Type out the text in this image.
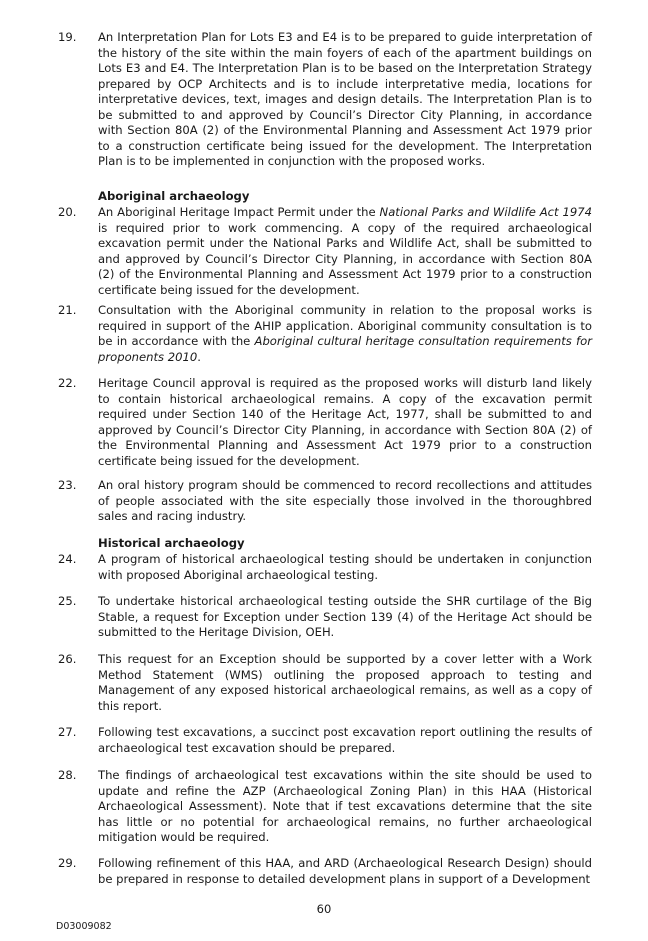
19. An Interpretation Plan for Lots E3 and E4 is to be prepared to guide interpretation of the history of the site within the main foyers of each of the apartment buildings on Lots E3 and E4. The Interpretation Plan is to be based on the Interpretation Strategy prepared by OCP Architects and is to include interpretative media, locations for interpretative devices, text, images and design details. The Interpretation Plan is to be submitted to and approved by Council’s Director City Planning, in accordance with Section 80A (2) of the Environmental Planning and Assessment Act 1979 prior to a construction certificate being issued for the development. The Interpretation Plan is to be implemented in conjunction with the proposed works.

Aboriginal archaeology
20. An Aboriginal Heritage Impact Permit under the National Parks and Wildlife Act 1974 is required prior to work commencing. A copy of the required archaeological excavation permit under the National Parks and Wildlife Act, shall be submitted to and approved by Council’s Director City Planning, in accordance with Section 80A (2) of the Environmental Planning and Assessment Act 1979 prior to a construction certificate being issued for the development.

21. Consultation with the Aboriginal community in relation to the proposal works is required in support of the AHIP application. Aboriginal community consultation is to be in accordance with the Aboriginal cultural heritage consultation requirements for proponents 2010.

22. Heritage Council approval is required as the proposed works will disturb land likely to contain historical archaeological remains. A copy of the excavation permit required under Section 140 of the Heritage Act, 1977, shall be submitted to and approved by Council’s Director City Planning, in accordance with Section 80A (2) of the Environmental Planning and Assessment Act 1979 prior to a construction certificate being issued for the development.

23. An oral history program should be commenced to record recollections and attitudes of people associated with the site especially those involved in the thoroughbred sales and racing industry.

Historical archaeology
24. A program of historical archaeological testing should be undertaken in conjunction with proposed Aboriginal archaeological testing.

25. To undertake historical archaeological testing outside the SHR curtilage of the Big Stable, a request for Exception under Section 139 (4) of the Heritage Act should be submitted to the Heritage Division, OEH.

26. This request for an Exception should be supported by a cover letter with a Work Method Statement (WMS) outlining the proposed approach to testing and Management of any exposed historical archaeological remains, as well as a copy of this report.

27. Following test excavations, a succinct post excavation report outlining the results of archaeological test excavation should be prepared.

28. The findings of archaeological test excavations within the site should be used to update and refine the AZP (Archaeological Zoning Plan) in this HAA (Historical Archaeological Assessment). Note that if test excavations determine that the site has little or no potential for archaeological remains, no further archaeological mitigation would be required.

29. Following refinement of this HAA, and ARD (Archaeological Research Design) should be prepared in response to detailed development plans in support of a Development

60
D03009082
